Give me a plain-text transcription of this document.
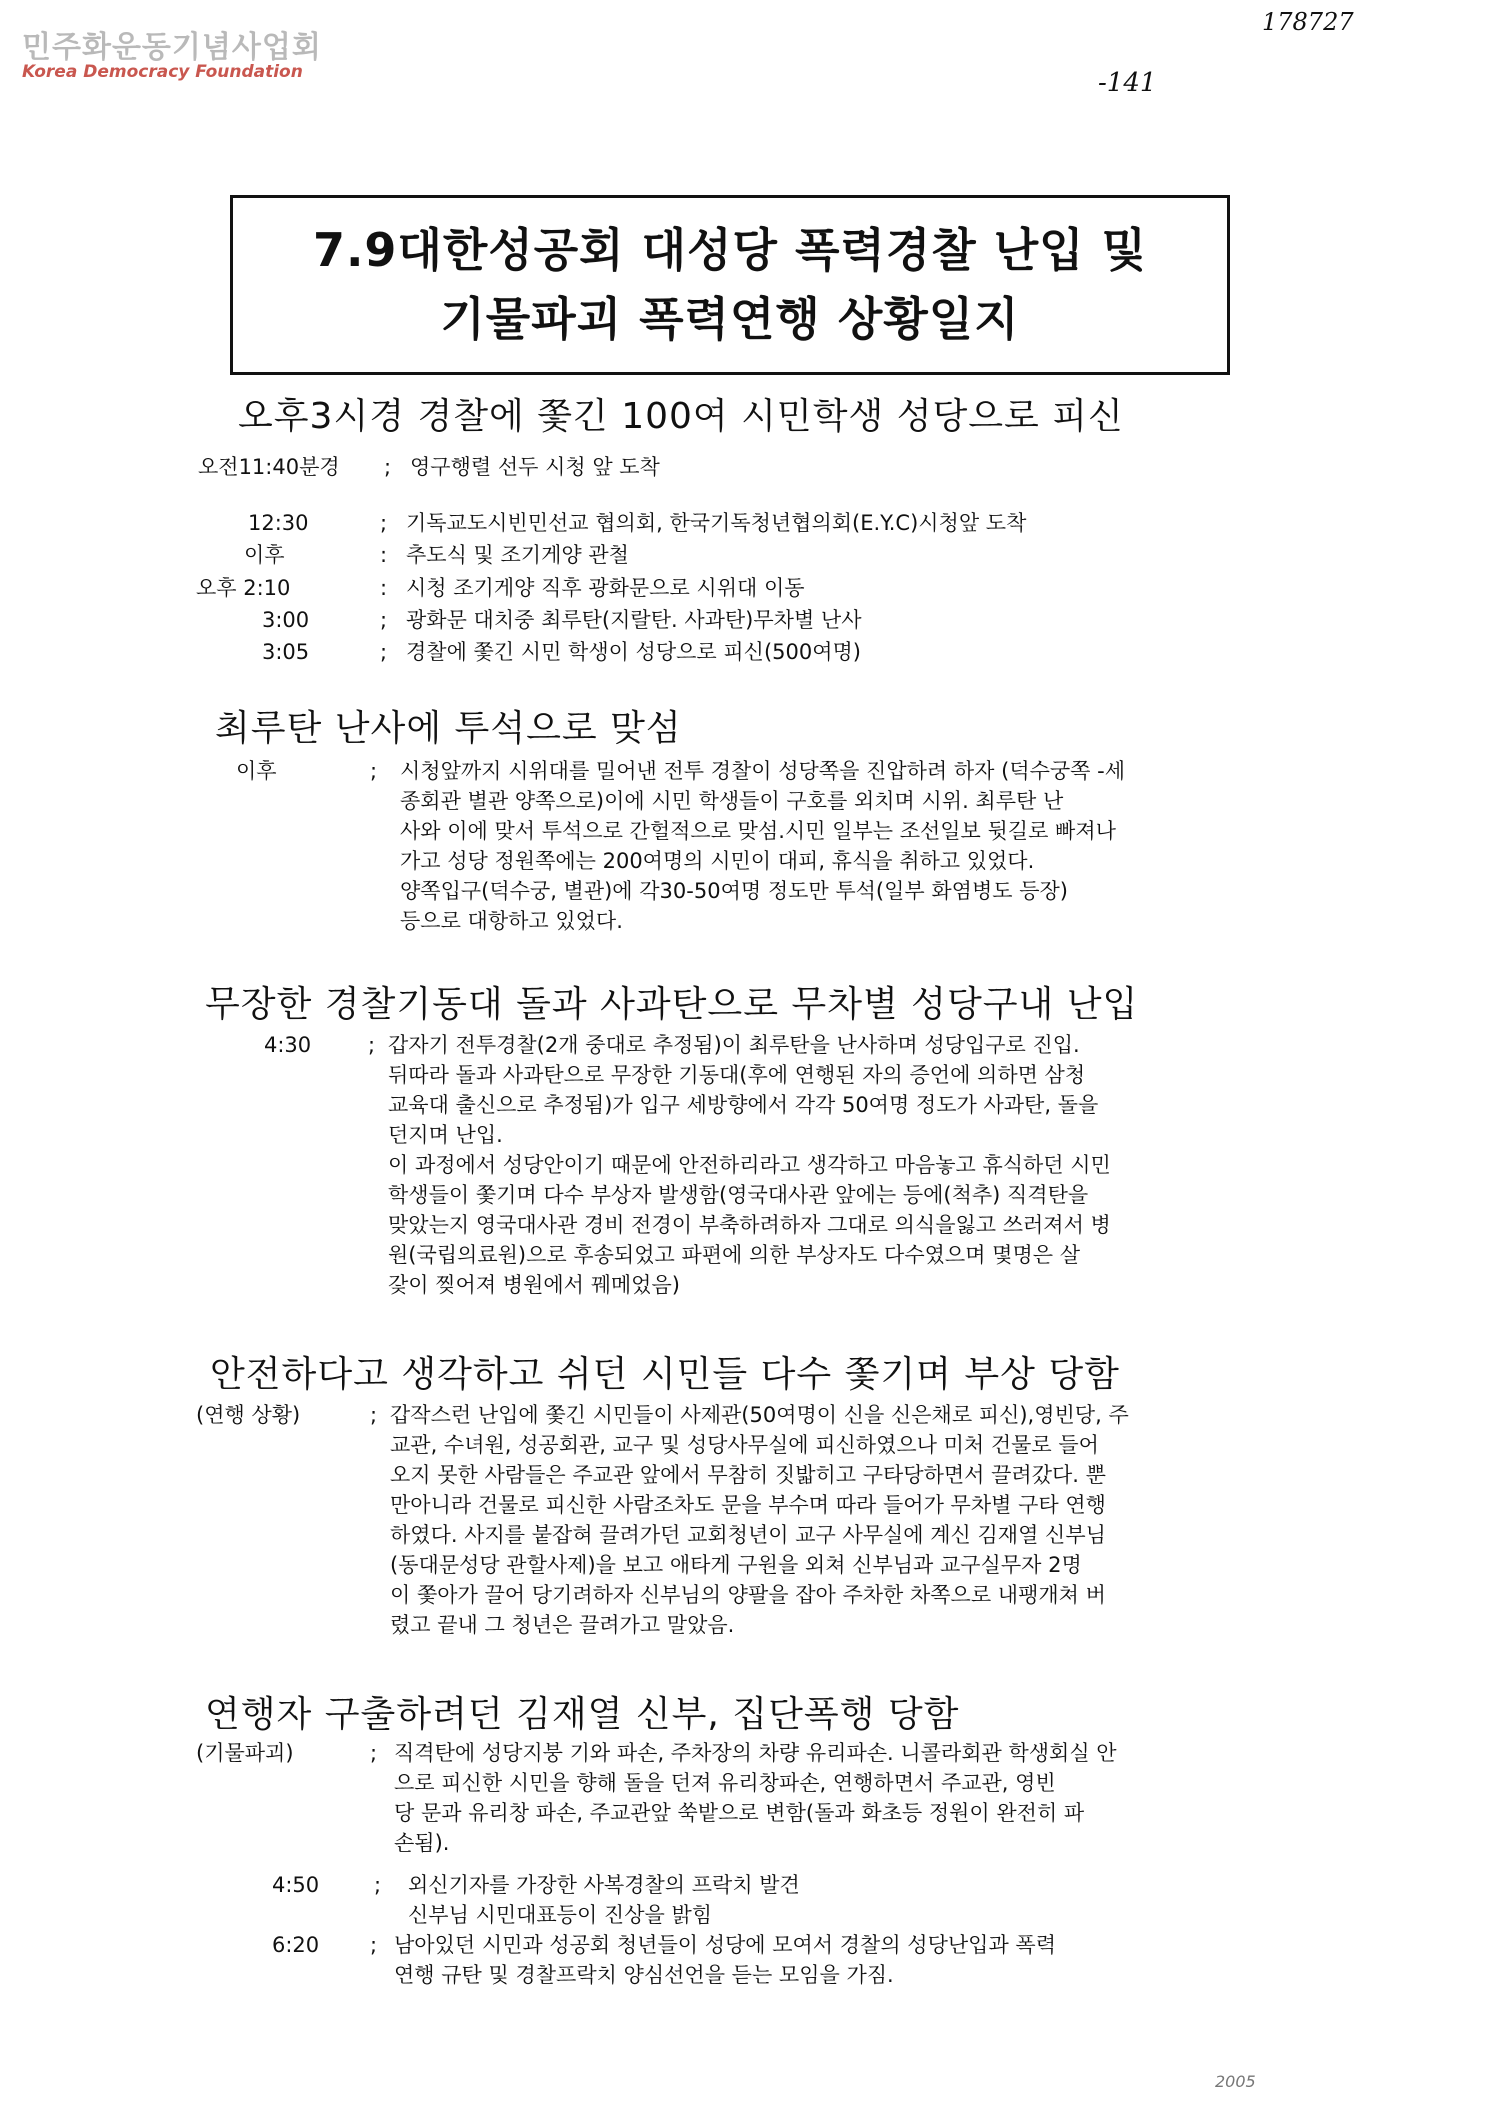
민주화운동기념사업회
Korea Democracy Foundation
178727
-141
7.9대한성공회 대성당 폭력경찰 난입 및
기물파괴 폭력연행 상황일지
오후3시경 경찰에 쫓긴 100여 시민학생 성당으로 피신
오전11:40분경 ; 영구행렬 선두 시청 앞 도착
12:30	; 기독교도시빈민선교 협의회, 한국기독청년협의회(E.Y.C)시청앞 도착
이후	: 추도식 및 조기게양 관철
오후 2:10	: 시청 조기게양 직후 광화문으로 시위대 이동
3:00	; 광화문 대치중 최루탄(지랄탄. 사과탄)무차별 난사
3:05	; 경찰에 쫓긴 시민 학생이 성당으로 피신(500여명)
최루탄 난사에 투석으로 맞섬
이후	; 시청앞까지 시위대를 밀어낸 전투 경찰이 성당쪽을 진압하려 하자 (덕수궁쪽 -세
종회관 별관 양쪽으로)이에 시민 학생들이 구호를 외치며 시위. 최루탄 난
사와 이에 맞서 투석으로 간헐적으로 맞섬.시민 일부는 조선일보 뒷길로 빠져나
가고 성당 정원쪽에는 200여명의 시민이 대피, 휴식을 취하고 있었다.
양쪽입구(덕수궁, 별관)에 각30-50여명 정도만 투석(일부 화염병도 등장)
등으로 대항하고 있었다.
무장한 경찰기동대 돌과 사과탄으로 무차별 성당구내 난입
4:30	; 갑자기 전투경찰(2개 중대로 추정됨)이 최루탄을 난사하며 성당입구로 진입.
뒤따라 돌과 사과탄으로 무장한 기동대(후에 연행된 자의 증언에 의하면 삼청
교육대 출신으로 추정됨)가 입구 세방향에서 각각 50여명 정도가 사과탄, 돌을
던지며 난입.
이 과정에서 성당안이기 때문에 안전하리라고 생각하고 마음놓고 휴식하던 시민
학생들이 쫓기며 다수 부상자 발생함(영국대사관 앞에는 등에(척추) 직격탄을
맞았는지 영국대사관 경비 전경이 부축하려하자 그대로 의식을잃고 쓰러져서 병
원(국립의료원)으로 후송되었고 파편에 의한 부상자도 다수였으며 몇명은 살
갗이 찢어져 병원에서 꿰메었음)
안전하다고 생각하고 쉬던 시민들 다수 쫓기며 부상 당함
(연행 상황)	; 갑작스런 난입에 쫓긴 시민들이 사제관(50여명이 신을 신은채로 피신),영빈당, 주
교관, 수녀원, 성공회관, 교구 및 성당사무실에 피신하였으나 미처 건물로 들어
오지 못한 사람들은 주교관 앞에서 무참히 짓밟히고 구타당하면서 끌려갔다. 뿐
만아니라 건물로 피신한 사람조차도 문을 부수며 따라 들어가 무차별 구타 연행
하였다. 사지를 붙잡혀 끌려가던 교회청년이 교구 사무실에 계신 김재열 신부님
(동대문성당 관할사제)을 보고 애타게 구원을 외쳐 신부님과 교구실무자 2명
이 쫓아가 끌어 당기려하자 신부님의 양팔을 잡아 주차한 차쪽으로 내팽개쳐 버
렸고 끝내 그 청년은 끌려가고 말았음.
연행자 구출하려던 김재열 신부, 집단폭행 당함
(기물파괴)	; 직격탄에 성당지붕 기와 파손, 주차장의 차량 유리파손. 니콜라회관 학생회실 안
으로 피신한 시민을 향해 돌을 던져 유리창파손, 연행하면서 주교관, 영빈
당 문과 유리창 파손, 주교관앞 쑥밭으로 변함(돌과 화초등 정원이 완전히 파
손됨).
4:50	; 외신기자를 가장한 사복경찰의 프락치 발견
신부님 시민대표등이 진상을 밝힘
6:20 ; 남아있던 시민과 성공회 청년들이 성당에 모여서 경찰의 성당난입과 폭력
연행 규탄 및 경찰프락치 양심선언을 듣는 모임을 가짐.
2005
